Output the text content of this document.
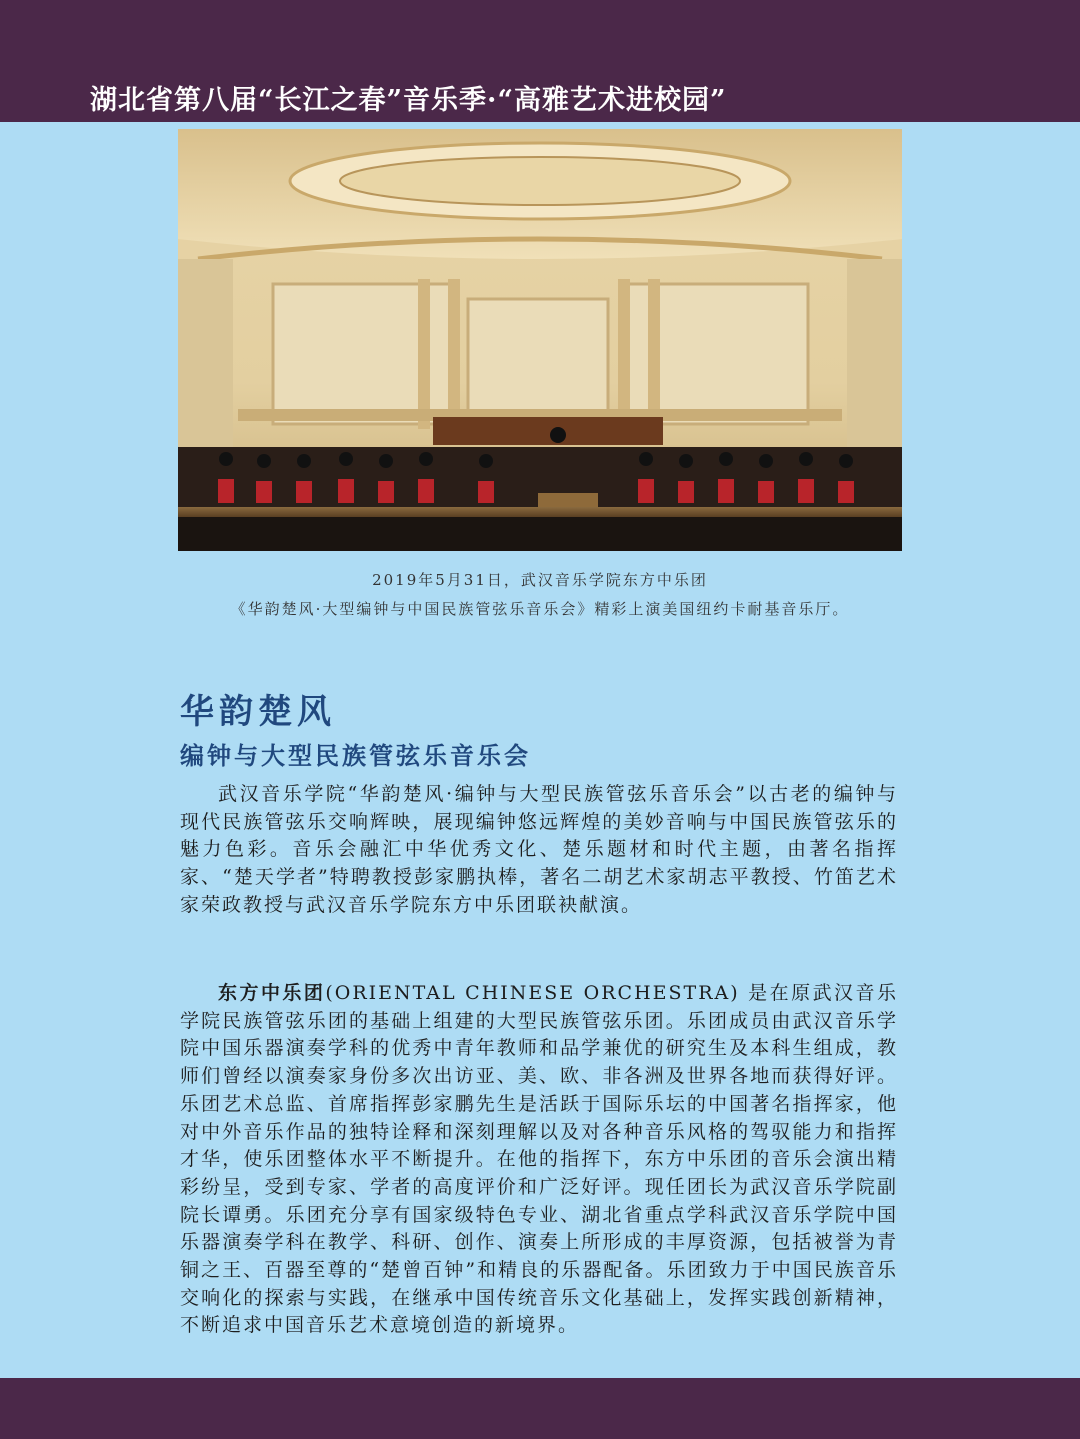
湖北省第八届“长江之春”音乐季·“高雅艺术进校园”
2019年5月31日，武汉音乐学院东方中乐团
《华韵楚风·大型编钟与中国民族管弦乐音乐会》精彩上演美国纽约卡耐基音乐厅。
华韵楚风
编钟与大型民族管弦乐音乐会

武汉音乐学院“华韵楚风·编钟与大型民族管弦乐音乐会”以古老的编钟与现代民族管弦乐交响辉映，展现编钟悠远辉煌的美妙音响与中国民族管弦乐的魅力色彩。音乐会融汇中华优秀文化、楚乐题材和时代主题，由著名指挥家、“楚天学者”特聘教授彭家鹏执棒，著名二胡艺术家胡志平教授、竹笛艺术家荣政教授与武汉音乐学院东方中乐团联袂献演。

东方中乐团(ORIENTAL CHINESE ORCHESTRA) 是在原武汉音乐学院民族管弦乐团的基础上组建的大型民族管弦乐团。乐团成员由武汉音乐学院中国乐器演奏学科的优秀中青年教师和品学兼优的研究生及本科生组成，教师们曾经以演奏家身份多次出访亚、美、欧、非各洲及世界各地而获得好评。乐团艺术总监、首席指挥彭家鹏先生是活跃于国际乐坛的中国著名指挥家，他对中外音乐作品的独特诠释和深刻理解以及对各种音乐风格的驾驭能力和指挥才华，使乐团整体水平不断提升。在他的指挥下，东方中乐团的音乐会演出精彩纷呈，受到专家、学者的高度评价和广泛好评。现任团长为武汉音乐学院副院长谭勇。乐团充分享有国家级特色专业、湖北省重点学科武汉音乐学院中国乐器演奏学科在教学、科研、创作、演奏上所形成的丰厚资源，包括被誉为青铜之王、百器至尊的“楚曾百钟”和精良的乐器配备。乐团致力于中国民族音乐交响化的探索与实践，在继承中国传统音乐文化基础上，发挥实践创新精神，不断追求中国音乐艺术意境创造的新境界。
